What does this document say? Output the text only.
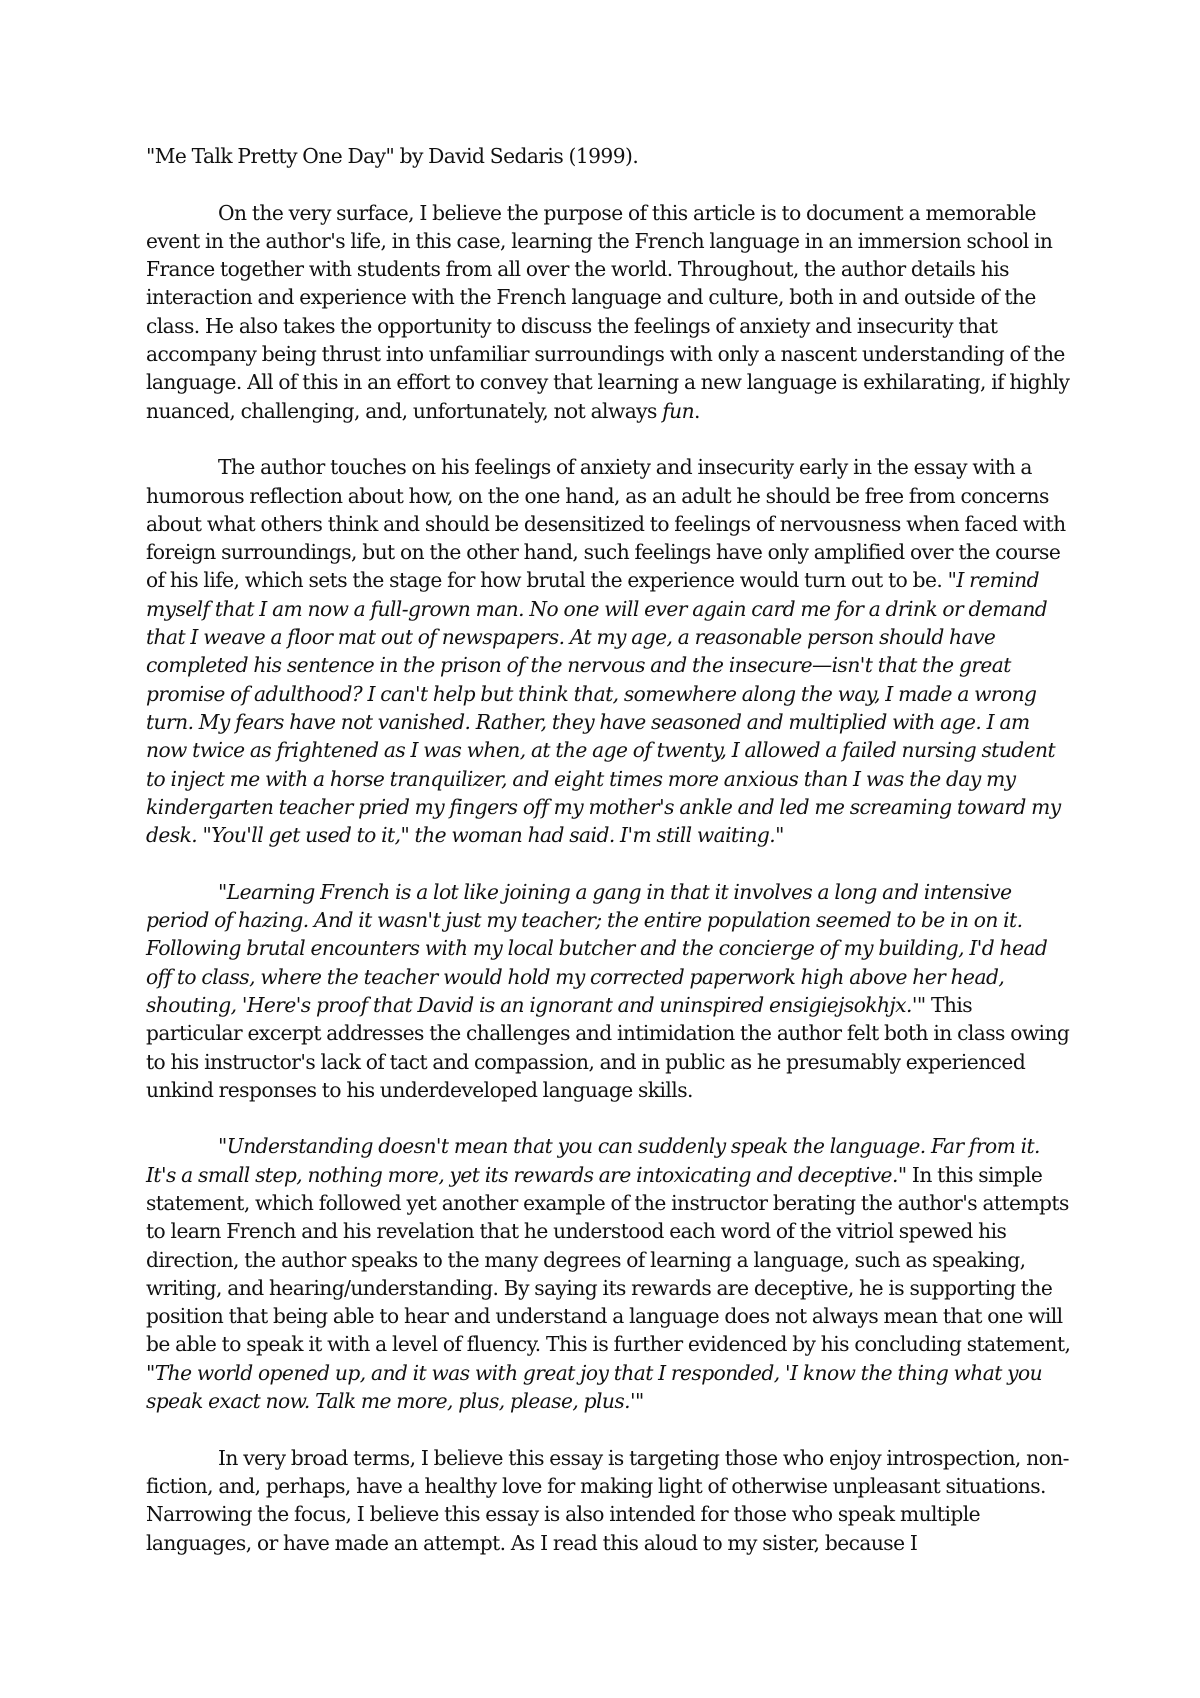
"Me Talk Pretty One Day" by David Sedaris (1999).

On the very surface, I believe the purpose of this article is to document a memorable event in the author's life, in this case, learning the French language in an immersion school in France together with students from all over the world. Throughout, the author details his interaction and experience with the French language and culture, both in and outside of the class. He also takes the opportunity to discuss the feelings of anxiety and insecurity that accompany being thrust into unfamiliar surroundings with only a nascent understanding of the language. All of this in an effort to convey that learning a new language is exhilarating, if highly nuanced, challenging, and, unfortunately, not always fun.

The author touches on his feelings of anxiety and insecurity early in the essay with a humorous reflection about how, on the one hand, as an adult he should be free from concerns about what others think and should be desensitized to feelings of nervousness when faced with foreign surroundings, but on the other hand, such feelings have only amplified over the course of his life, which sets the stage for how brutal the experience would turn out to be. "I remind myself that I am now a full-grown man. No one will ever again card me for a drink or demand that I weave a floor mat out of newspapers. At my age, a reasonable person should have completed his sentence in the prison of the nervous and the insecure—isn't that the great promise of adulthood? I can't help but think that, somewhere along the way, I made a wrong turn. My fears have not vanished. Rather, they have seasoned and multiplied with age. I am now twice as frightened as I was when, at the age of twenty, I allowed a failed nursing student to inject me with a horse tranquilizer, and eight times more anxious than I was the day my kindergarten teacher pried my fingers off my mother's ankle and led me screaming toward my desk. "You'll get used to it," the woman had said. I'm still waiting."

"Learning French is a lot like joining a gang in that it involves a long and intensive period of hazing. And it wasn't just my teacher; the entire population seemed to be in on it. Following brutal encounters with my local butcher and the concierge of my building, I'd head off to class, where the teacher would hold my corrected paperwork high above her head, shouting, 'Here's proof that David is an ignorant and uninspired ensigiejsokhjx.'" This particular excerpt addresses the challenges and intimidation the author felt both in class owing to his instructor's lack of tact and compassion, and in public as he presumably experienced unkind responses to his underdeveloped language skills.

"Understanding doesn't mean that you can suddenly speak the language. Far from it. It's a small step, nothing more, yet its rewards are intoxicating and deceptive." In this simple statement, which followed yet another example of the instructor berating the author's attempts to learn French and his revelation that he understood each word of the vitriol spewed his direction, the author speaks to the many degrees of learning a language, such as speaking, writing, and hearing/understanding. By saying its rewards are deceptive, he is supporting the position that being able to hear and understand a language does not always mean that one will be able to speak it with a level of fluency. This is further evidenced by his concluding statement, "The world opened up, and it was with great joy that I responded, 'I know the thing what you speak exact now. Talk me more, plus, please, plus.'"

In very broad terms, I believe this essay is targeting those who enjoy introspection, non-fiction, and, perhaps, have a healthy love for making light of otherwise unpleasant situations. Narrowing the focus, I believe this essay is also intended for those who speak multiple languages, or have made an attempt. As I read this aloud to my sister, because I
